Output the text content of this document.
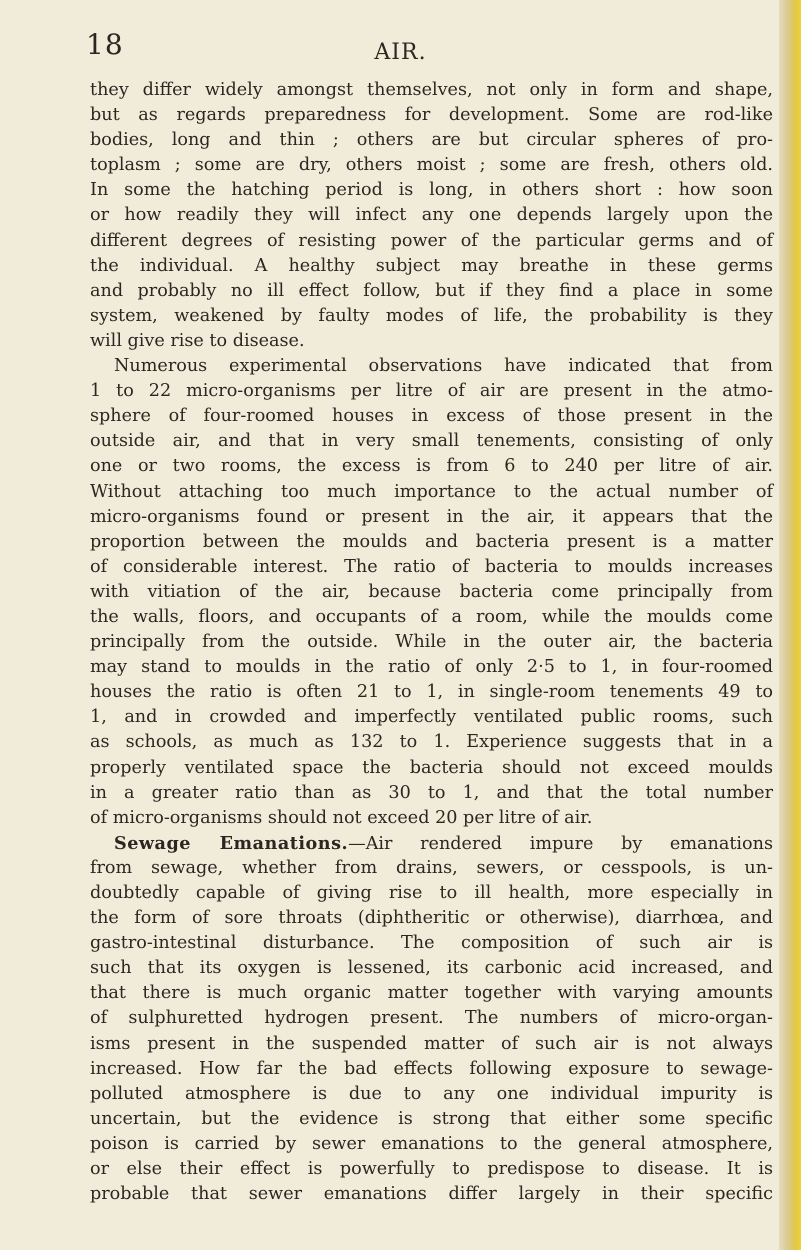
18	AIR.
they differ widely amongst themselves, not only in form and shape,
but as regards preparedness for development. Some are rod-like
bodies, long and thin ; others are but circular spheres of pro-
toplasm ; some are dry, others moist ; some are fresh, others old.
In some the hatching period is long, in others short : how soon
or how readily they will infect any one depends largely upon the
different degrees of resisting power of the particular germs and of
the individual. A healthy subject may breathe in these germs
and probably no ill effect follow, but if they find a place in some
system, weakened by faulty modes of life, the probability is they
will give rise to disease.
Numerous experimental observations have indicated that from
1 to 22 micro-organisms per litre of air are present in the atmo-
sphere of four-roomed houses in excess of those present in the
outside air, and that in very small tenements, consisting of only
one or two rooms, the excess is from 6 to 240 per litre of air.
Without attaching too much importance to the actual number of
micro-organisms found or present in the air, it appears that the
proportion between the moulds and bacteria present is a matter
of considerable interest. The ratio of bacteria to moulds increases
with vitiation of the air, because bacteria come principally from
the walls, floors, and occupants of a room, while the moulds come
principally from the outside. While in the outer air, the bacteria
may stand to moulds in the ratio of only 2·5 to 1, in four-roomed
houses the ratio is often 21 to 1, in single-room tenements 49 to
1, and in crowded and imperfectly ventilated public rooms, such
as schools, as much as 132 to 1. Experience suggests that in a
properly ventilated space the bacteria should not exceed moulds
in a greater ratio than as 30 to 1, and that the total number
of micro-organisms should not exceed 20 per litre of air.
Sewage Emanations.—Air rendered impure by emanations
from sewage, whether from drains, sewers, or cesspools, is un-
doubtedly capable of giving rise to ill health, more especially in
the form of sore throats (diphtheritic or otherwise), diarrhœa, and
gastro-intestinal disturbance. The composition of such air is
such that its oxygen is lessened, its carbonic acid increased, and
that there is much organic matter together with varying amounts
of sulphuretted hydrogen present. The numbers of micro-organ-
isms present in the suspended matter of such air is not always
increased. How far the bad effects following exposure to sewage-
polluted atmosphere is due to any one individual impurity is
uncertain, but the evidence is strong that either some specific
poison is carried by sewer emanations to the general atmosphere,
or else their effect is powerfully to predispose to disease. It is
probable that sewer emanations differ largely in their specific
